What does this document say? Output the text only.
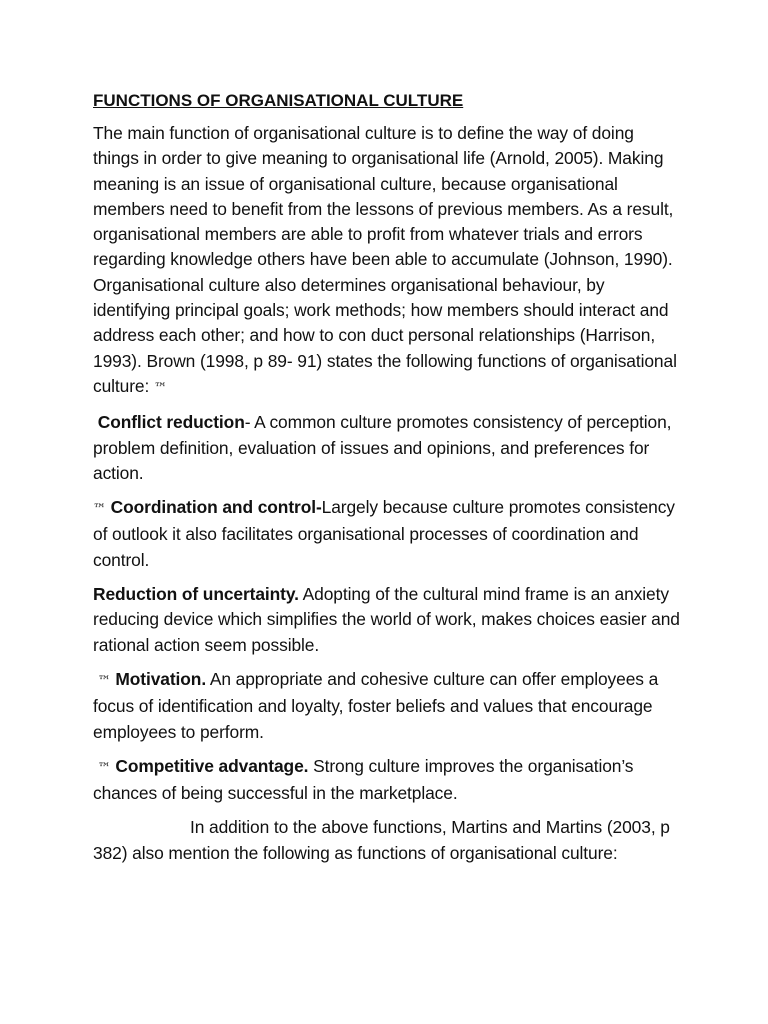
FUNCTIONS OF ORGANISATIONAL CULTURE

The main function of organisational culture is to define the way of doing things in order to give meaning to organisational life (Arnold, 2005). Making meaning is an issue of organisational culture, because organisational members need to benefit from the lessons of previous members. As a result, organisational members are able to profit from whatever trials and errors regarding knowledge others have been able to accumulate (Johnson, 1990). Organisational culture also determines organisational behaviour, by identifying principal goals; work methods; how members should interact and address each other; and how to con duct personal relationships (Harrison, 1993). Brown (1998, p 89- 91) states the following functions of organisational culture: ™

Conflict reduction- A common culture promotes consistency of perception, problem definition, evaluation of issues and opinions, and preferences for action.

™ Coordination and control-Largely because culture promotes consistency of outlook it also facilitates organisational processes of coordination and control.

Reduction of uncertainty. Adopting of the cultural mind frame is an anxiety reducing device which simplifies the world of work, makes choices easier and rational action seem possible.

™ Motivation. An appropriate and cohesive culture can offer employees a focus of identification and loyalty, foster beliefs and values that encourage employees to perform.

™ Competitive advantage. Strong culture improves the organisation’s chances of being successful in the marketplace.

In addition to the above functions, Martins and Martins (2003, p 382) also mention the following as functions of organisational culture:
